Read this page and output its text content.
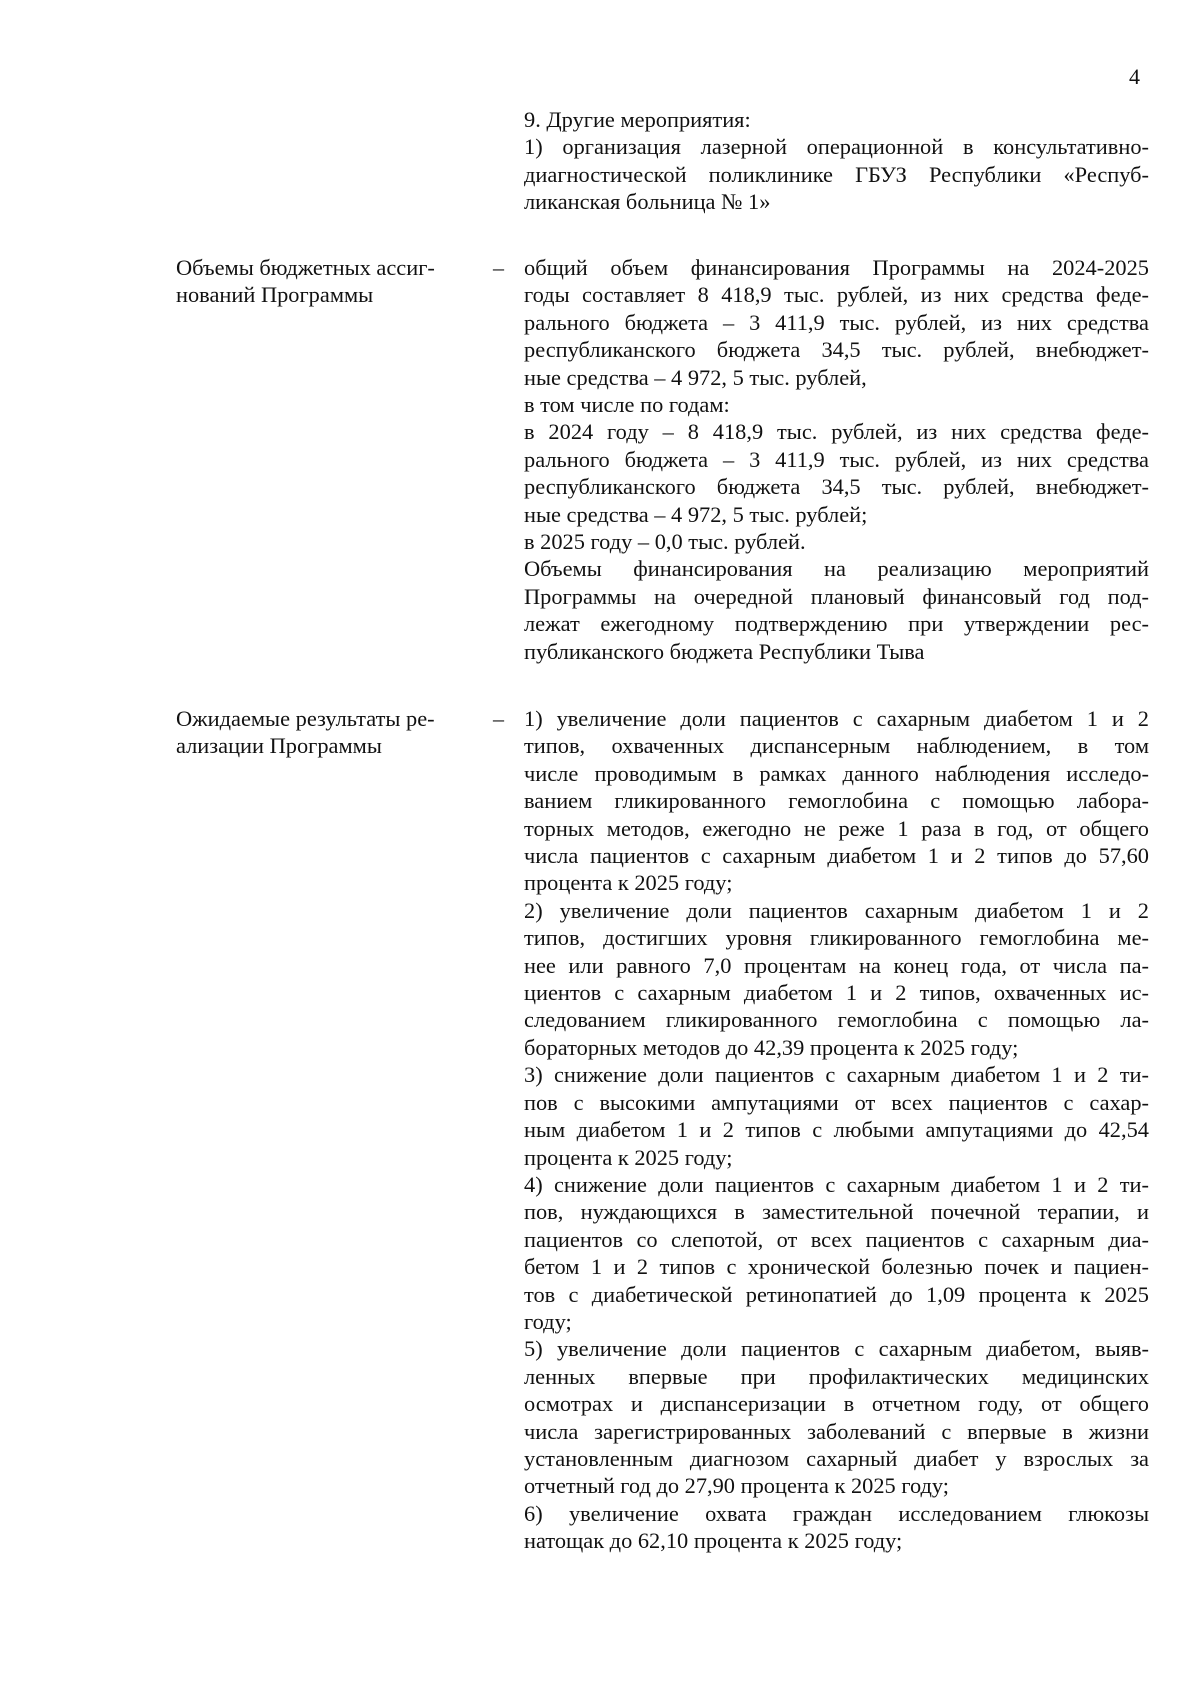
4
9. Другие мероприятия:
1) организация лазерной операционной в консультативно-
диагностической поликлинике ГБУЗ Республики «Респуб-
ликанская больница № 1»
Объемы бюджетных ассиг-
нований Программы
– общий объем финансирования Программы на 2024-2025
годы составляет 8 418,9 тыс. рублей, из них средства феде-
рального бюджета – 3 411,9 тыс. рублей, из них средства
республиканского бюджета 34,5 тыс. рублей, внебюджет-
ные средства – 4 972, 5 тыс. рублей,
в том числе по годам:
в 2024 году – 8 418,9 тыс. рублей, из них средства феде-
рального бюджета – 3 411,9 тыс. рублей, из них средства
республиканского бюджета 34,5 тыс. рублей, внебюджет-
ные средства – 4 972, 5 тыс. рублей;
в 2025 году – 0,0 тыс. рублей.
Объемы финансирования на реализацию мероприятий
Программы на очередной плановый финансовый год под-
лежат ежегодному подтверждению при утверждении рес-
публиканского бюджета Республики Тыва
Ожидаемые результаты ре-
ализации Программы
– 1) увеличение доли пациентов с сахарным диабетом 1 и 2
типов, охваченных диспансерным наблюдением, в том
числе проводимым в рамках данного наблюдения исследо-
ванием гликированного гемоглобина с помощью лабора-
торных методов, ежегодно не реже 1 раза в год, от общего
числа пациентов с сахарным диабетом 1 и 2 типов до 57,60
процента к 2025 году;
2) увеличение доли пациентов сахарным диабетом 1 и 2
типов, достигших уровня гликированного гемоглобина ме-
нее или равного 7,0 процентам на конец года, от числа па-
циентов с сахарным диабетом 1 и 2 типов, охваченных ис-
следованием гликированного гемоглобина с помощью ла-
бораторных методов до 42,39 процента к 2025 году;
3) снижение доли пациентов с сахарным диабетом 1 и 2 ти-
пов с высокими ампутациями от всех пациентов с сахар-
ным диабетом 1 и 2 типов с любыми ампутациями до 42,54
процента к 2025 году;
4) снижение доли пациентов с сахарным диабетом 1 и 2 ти-
пов, нуждающихся в заместительной почечной терапии, и
пациентов со слепотой, от всех пациентов с сахарным диа-
бетом 1 и 2 типов с хронической болезнью почек и пациен-
тов с диабетической ретинопатией до 1,09 процента к 2025
году;
5) увеличение доли пациентов с сахарным диабетом, выяв-
ленных впервые при профилактических медицинских
осмотрах и диспансеризации в отчетном году, от общего
числа зарегистрированных заболеваний с впервые в жизни
установленным диагнозом сахарный диабет у взрослых за
отчетный год до 27,90 процента к 2025 году;
6) увеличение охвата граждан исследованием глюкозы
натощак до 62,10 процента к 2025 году;
